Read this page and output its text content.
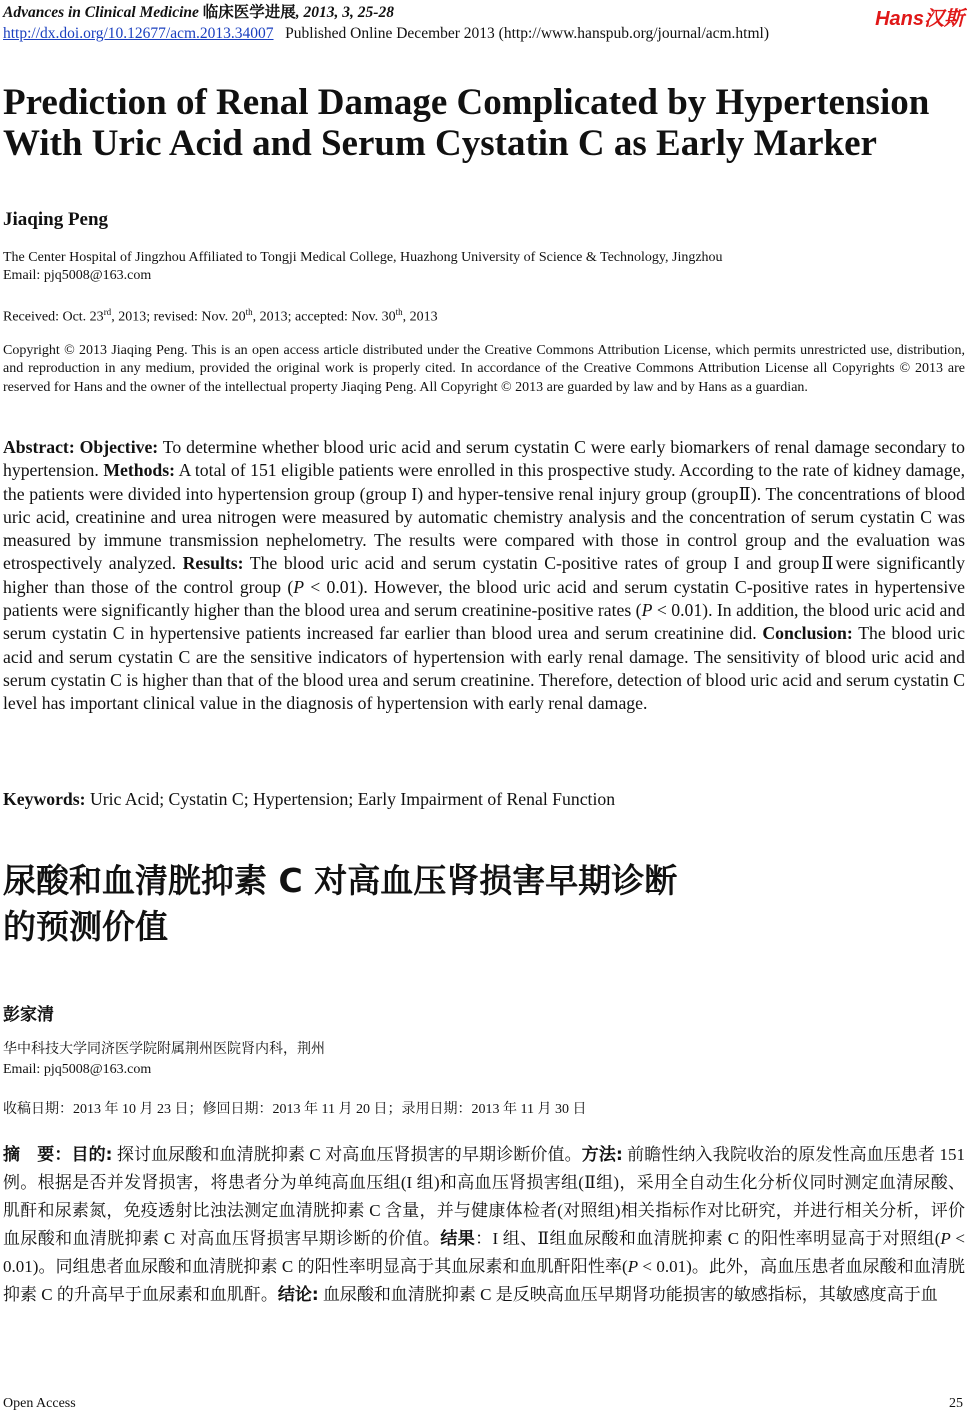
Advances in Clinical Medicine 临床医学进展, 2013, 3, 25-28
http://dx.doi.org/10.12677/acm.2013.34007 Published Online December 2013 (http://www.hanspub.org/journal/acm.html)
Hans汉斯
Prediction of Renal Damage Complicated by Hypertension
With Uric Acid and Serum Cystatin C as Early Marker
Jiaqing Peng
The Center Hospital of Jingzhou Affiliated to Tongji Medical College, Huazhong University of Science & Technology, Jingzhou
Email: pjq5008@163.com
Received: Oct. 23rd, 2013; revised: Nov. 20th, 2013; accepted: Nov. 30th, 2013
Copyright © 2013 Jiaqing Peng. This is an open access article distributed under the Creative Commons Attribution License, which permits unrestricted use, distribution, and reproduction in any medium, provided the original work is properly cited. In accordance of the Creative Commons Attribution License all Copyrights © 2013 are reserved for Hans and the owner of the intellectual property Jiaqing Peng. All Copyright © 2013 are guarded by law and by Hans as a guardian.
Abstract: Objective: To determine whether blood uric acid and serum cystatin C were early biomarkers of renal damage secondary to hypertension. Methods: A total of 151 eligible patients were enrolled in this prospective study. According to the rate of kidney damage, the patients were divided into hypertension group (group I) and hyper-tensive renal injury group (groupⅡ). The concentrations of blood uric acid, creatinine and urea nitrogen were measured by automatic chemistry analysis and the concentration of serum cystatin C was measured by immune transmission nephelometry. The results were compared with those in control group and the evaluation was etrospectively analyzed. Results: The blood uric acid and serum cystatin C-positive rates of group I and groupⅡwere significantly higher than those of the control group (P < 0.01). However, the blood uric acid and serum cystatin C-positive rates in hypertensive patients were significantly higher than the blood urea and serum creatinine-positive rates (P < 0.01). In addition, the blood uric acid and serum cystatin C in hypertensive patients increased far earlier than blood urea and serum creatinine did. Conclusion: The blood uric acid and serum cystatin C are the sensitive indicators of hypertension with early renal damage. The sensitivity of blood uric acid and serum cystatin C is higher than that of the blood urea and serum creatinine. Therefore, detection of blood uric acid and serum cystatin C level has important clinical value in the diagnosis of hypertension with early renal damage.
Keywords: Uric Acid; Cystatin C; Hypertension; Early Impairment of Renal Function
尿酸和血清胱抑素 C 对高血压肾损害早期诊断
的预测价值
彭家清
华中科技大学同济医学院附属荆州医院肾内科，荆州
Email: pjq5008@163.com
收稿日期：2013 年 10 月 23 日；修回日期：2013 年 11 月 20 日；录用日期：2013 年 11 月 30 日
摘　要：目的: 探讨血尿酸和血清胱抑素 C 对高血压肾损害的早期诊断价值。方法: 前瞻性纳入我院收治的原发性高血压患者 151 例。根据是否并发肾损害，将患者分为单纯高血压组(I 组)和高血压肾损害组(Ⅱ组)，采用全自动生化分析仪同时测定血清尿酸、肌酐和尿素氮，免疫透射比浊法测定血清胱抑素 C 含量，并与健康体检者(对照组)相关指标作对比研究，并进行相关分析，评价血尿酸和血清胱抑素 C 对高血压肾损害早期诊断的价值。结果：I 组、Ⅱ组血尿酸和血清胱抑素 C 的阳性率明显高于对照组(P < 0.01)。同组患者血尿酸和血清胱抑素 C 的阳性率明显高于其血尿素和血肌酐阳性率(P < 0.01)。此外，高血压患者血尿酸和血清胱抑素 C 的升高早于血尿素和血肌酐。结论: 血尿酸和血清胱抑素 C 是反映高血压早期肾功能损害的敏感指标，其敏感度高于血
Open Access	25
